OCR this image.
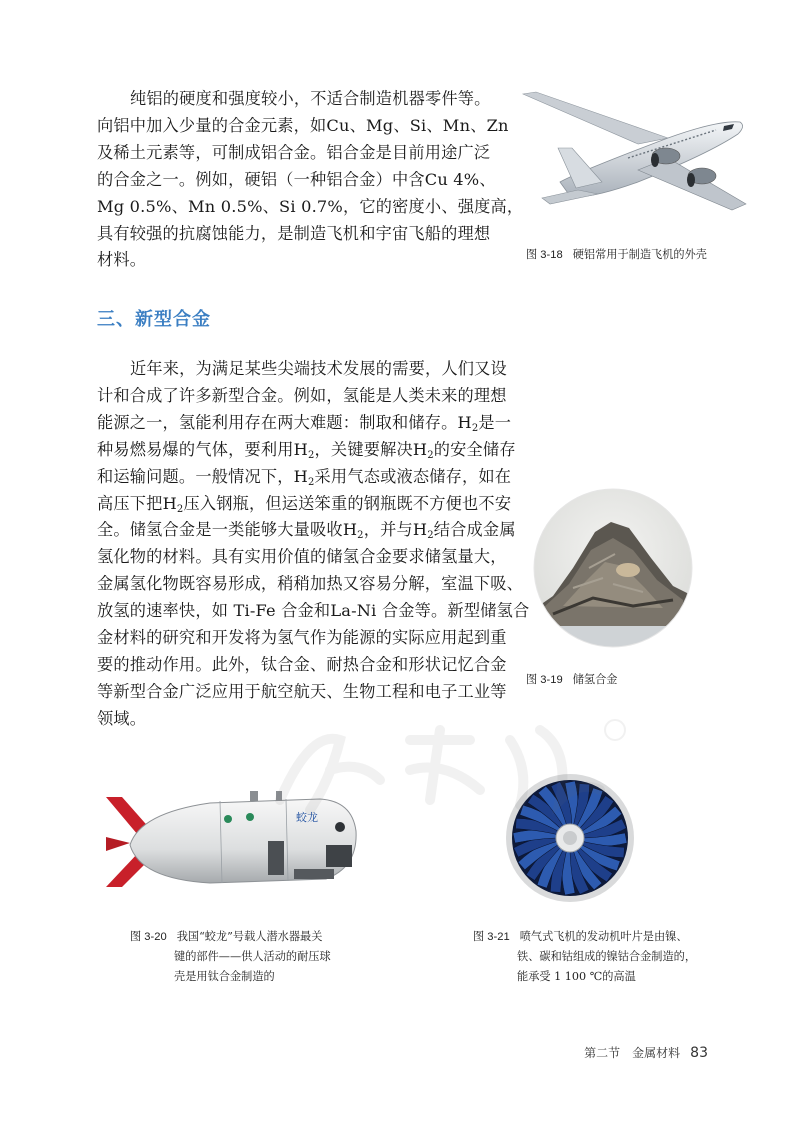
纯铝的硬度和强度较小，不适合制造机器零件等。
向铝中加入少量的合金元素，如Cu、Mg、Si、Mn、Zn
及稀土元素等，可制成铝合金。铝合金是目前用途广泛
的合金之一。例如，硬铝（一种铝合金）中含Cu 4%、
Mg 0.5%、Mn 0.5%、Si 0.7%，它的密度小、强度高，
具有较强的抗腐蚀能力，是制造飞机和宇宙飞船的理想
材料。
三、新型合金
近年来，为满足某些尖端技术发展的需要，人们又设
计和合成了许多新型合金。例如，氢能是人类未来的理想
能源之一，氢能利用存在两大难题：制取和储存。$H_2$是一
种易燃易爆的气体，要利用$H_2$，关键要解决$H_2$的安全储存
和运输问题。一般情况下，$H_2$采用气态或液态储存，如在
高压下把$H_2$压入钢瓶，但运送笨重的钢瓶既不方便也不安
全。储氢合金是一类能够大量吸收$H_2$，并与$H_2$结合成金属
氢化物的材料。具有实用价值的储氢合金要求储氢量大，
金属氢化物既容易形成，稍稍加热又容易分解，室温下吸、
放氢的速率快，如 Ti-Fe 合金和La-Ni 合金等。新型储氢合
金材料的研究和开发将为氢气作为能源的实际应用起到重
要的推动作用。此外，钛合金、耐热合金和形状记忆合金
等新型合金广泛应用于航空航天、生物工程和电子工业等
领域。
蛟龙
图 3-18 硬铝常用于制造飞机的外壳
图 3-19 储氢合金
图 3-20 我国“蛟龙”号载人潜水器最关
键的部件——供人活动的耐压球
壳是用钛合金制造的
图 3-21 喷气式飞机的发动机叶片是由镍、
铁、碳和钴组成的镍钴合金制造的，
能承受 1 100 ℃的高温
第二节　金属材料 83
